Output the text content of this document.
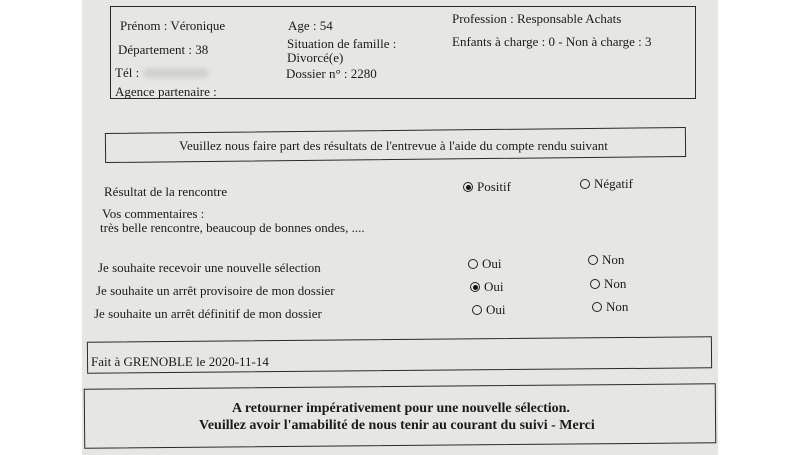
Prénom : Véronique
Département : 38
Tél :
Agence partenaire :
Age : 54
Situation de famille :
Divorcé(e)
Dossier n° : 2280
Profession : Responsable Achats
Enfants à charge : 0 - Non à charge : 3
Veuillez nous faire part des résultats de l'entrevue à l'aide du compte rendu suivant
Résultat de la rencontre	Positif	Négatif
Vos commentaires :
très belle rencontre, beaucoup de bonnes ondes, ....
Je souhaite recevoir une nouvelle sélection	Oui	Non
Je souhaite un arrêt provisoire de mon dossier	Oui	Non
Je souhaite un arrêt définitif de mon dossier	Oui	Non
Fait à GRENOBLE le 2020-11-14
A retourner impérativement pour une nouvelle sélection.
Veuillez avoir l'amabilité de nous tenir au courant du suivi - Merci
